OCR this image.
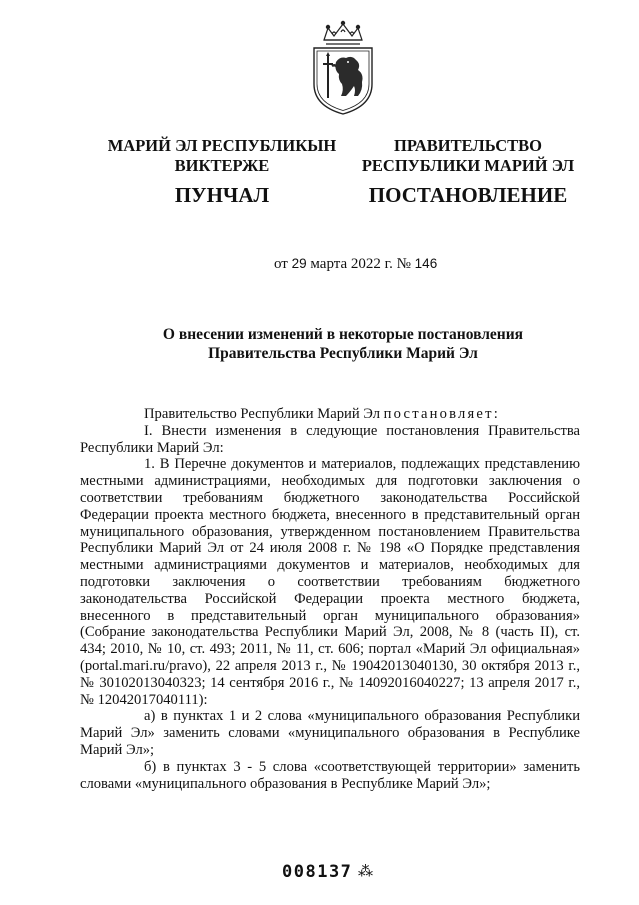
МАРИЙ ЭЛ РЕСПУБЛИКЫН
ВИКТЕРЖЕ
ПУНЧАЛ
ПРАВИТЕЛЬСТВО
РЕСПУБЛИКИ МАРИЙ ЭЛ
ПОСТАНОВЛЕНИЕ
от 29 марта 2022 г. № 146
О внесении изменений в некоторые постановления
Правительства Республики Марий Эл

Правительство Республики Марий Эл постановляет:

I. Внести изменения в следующие постановления Правительства Республики Марий Эл:

1. В Перечне документов и материалов, подлежащих представлению местными администрациями, необходимых для подготовки заключения о соответствии требованиям бюджетного законодательства Российской Федерации проекта местного бюджета, внесенного в представительный орган муниципального образования, утвержденном постановлением Правительства Республики Марий Эл от 24 июля 2008 г. № 198 «О Порядке представления местными администрациями документов и материалов, необходимых для подготовки заключения о соответствии требованиям бюджетного законодательства Российской Федерации проекта местного бюджета, внесенного в представительный орган муниципального образования» (Собрание законодательства Республики Марий Эл, 2008, № 8 (часть II), ст. 434; 2010, № 10, ст. 493; 2011, № 11, ст. 606; портал «Марий Эл официальная» (portal.mari.ru/pravo), 22 апреля 2013 г., № 19042013040130, 30 октября 2013 г., № 30102013040323; 14 сентября 2016 г., № 14092016040227; 13 апреля 2017 г., № 12042017040111):

а) в пунктах 1 и 2 слова «муниципального образования Республики Марий Эл» заменить словами «муниципального образования в Республике Марий Эл»;

б) в пунктах 3 - 5 слова «соответствующей территории» заменить словами «муниципального образования в Республике Марий Эл»;

008137 ⁂
